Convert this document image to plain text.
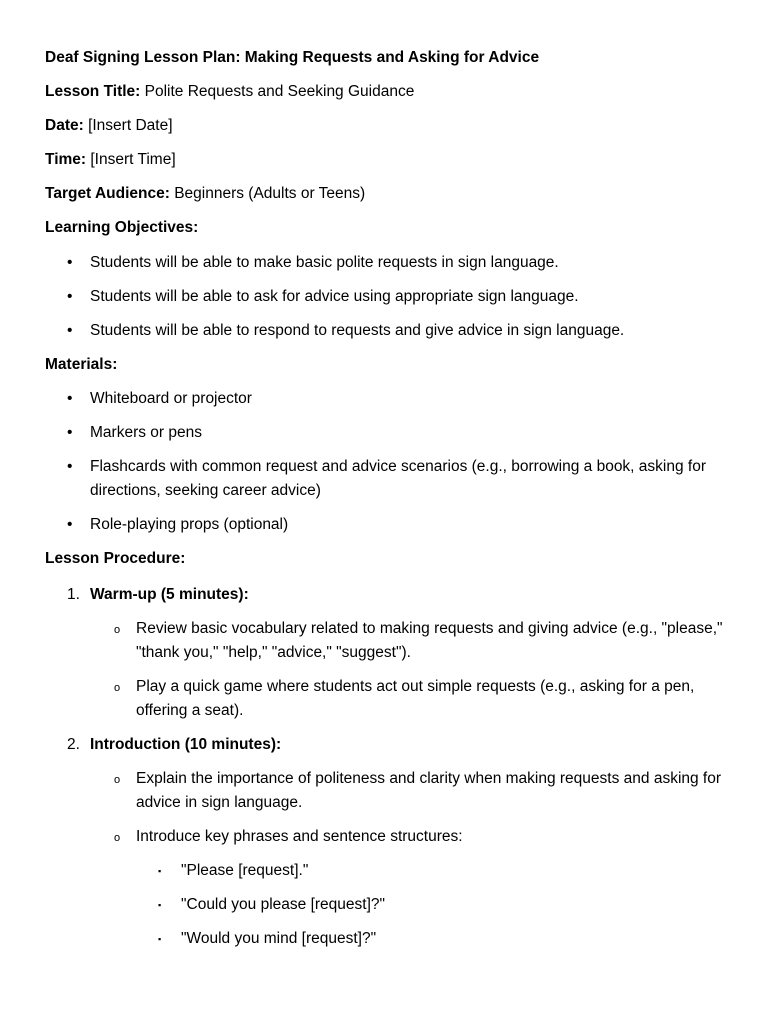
Deaf Signing Lesson Plan: Making Requests and Asking for Advice
Lesson Title: Polite Requests and Seeking Guidance
Date: [Insert Date]
Time: [Insert Time]
Target Audience: Beginners (Adults or Teens)
Learning Objectives:
• Students will be able to make basic polite requests in sign language.
• Students will be able to ask for advice using appropriate sign language.
• Students will be able to respond to requests and give advice in sign language.
Materials:
• Whiteboard or projector
• Markers or pens
• Flashcards with common request and advice scenarios (e.g., borrowing a book, asking for directions, seeking career advice)
• Role-playing props (optional)
Lesson Procedure:
1. Warm-up (5 minutes):
o Review basic vocabulary related to making requests and giving advice (e.g., "please," "thank you," "help," "advice," "suggest").
o Play a quick game where students act out simple requests (e.g., asking for a pen, offering a seat).
2. Introduction (10 minutes):
o Explain the importance of politeness and clarity when making requests and asking for advice in sign language.
o Introduce key phrases and sentence structures:
▪ "Please [request]."
▪ "Could you please [request]?"
▪ "Would you mind [request]?"
